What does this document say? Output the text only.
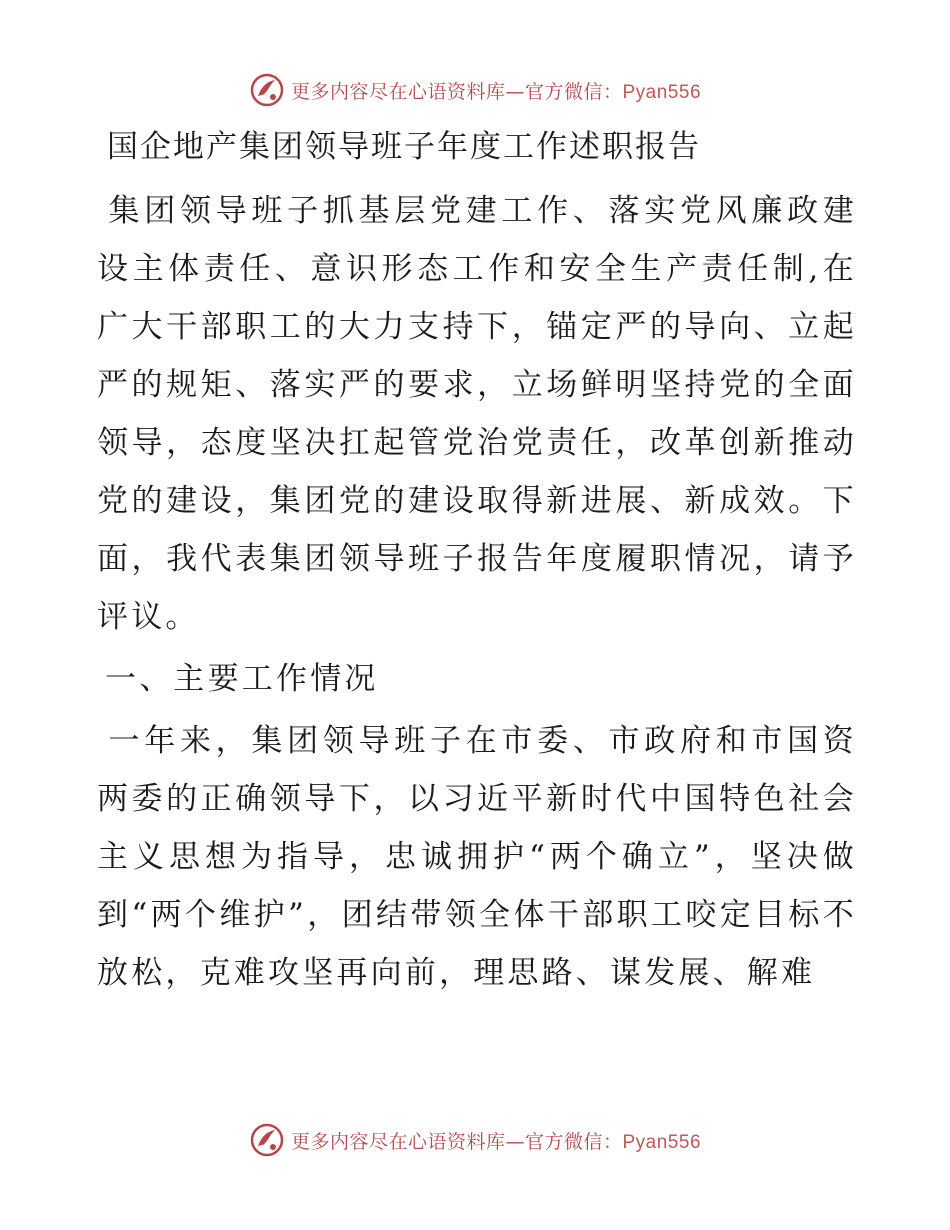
更多内容尽在心语资料库—官方微信：Pyan556
国企地产集团领导班子年度工作述职报告

集团领导班子抓基层党建工作、落实党风廉政建设主体责任、意识形态工作和安全生产责任制,在广大干部职工的大力支持下，锚定严的导向、立起严的规矩、落实严的要求，立场鲜明坚持党的全面领导，态度坚决扛起管党治党责任，改革创新推动党的建设，集团党的建设取得新进展、新成效。下面，我代表集团领导班子报告年度履职情况，请予评议。

一、主要工作情况

一年来，集团领导班子在市委、市政府和市国资两委的正确领导下，以习近平新时代中国特色社会主义思想为指导，忠诚拥护“两个确立”，坚决做到“两个维护”，团结带领全体干部职工咬定目标不放松，克难攻坚再向前，理思路、谋发展、解难

更多内容尽在心语资料库—官方微信：Pyan556
